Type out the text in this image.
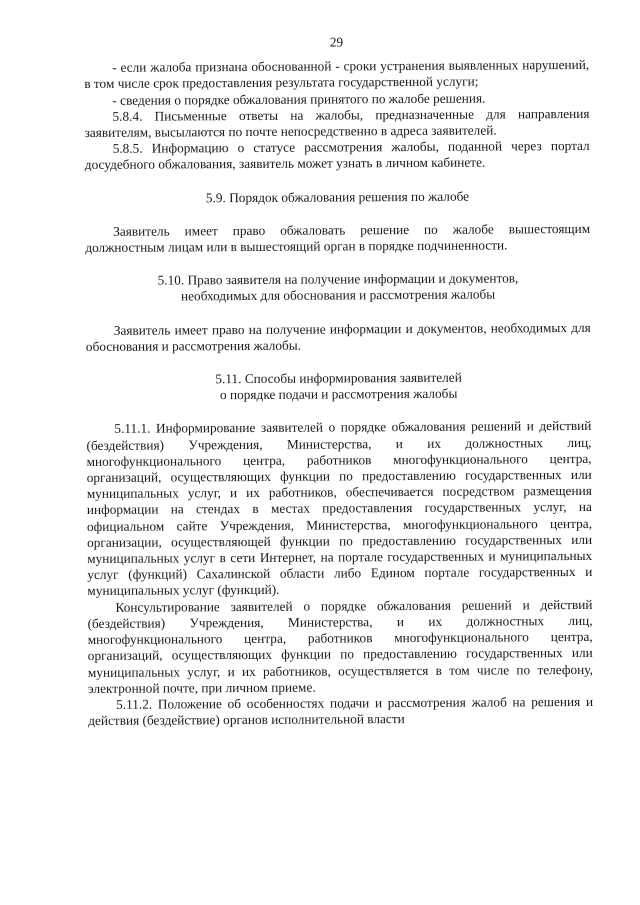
29

- если жалоба признана обоснованной - сроки устранения выявленных нарушений, в том числе срок предоставления результата государственной услуги;

- сведения о порядке обжалования принятого по жалобе решения.

5.8.4. Письменные ответы на жалобы, предназначенные для направления заявителям, высылаются по почте непосредственно в адреса заявителей.

5.8.5. Информацию о статусе рассмотрения жалобы, поданной через портал досудебного обжалования, заявитель может узнать в личном кабинете.

5.9. Порядок обжалования решения по жалобе

Заявитель имеет право обжаловать решение по жалобе вышестоящим должностным лицам или в вышестоящий орган в порядке подчиненности.

5.10. Право заявителя на получение информации и документов,

необходимых для обоснования и рассмотрения жалобы

Заявитель имеет право на получение информации и документов, необходимых для обоснования и рассмотрения жалобы.

5.11. Способы информирования заявителей

о порядке подачи и рассмотрения жалобы

5.11.1. Информирование заявителей о порядке обжалования решений и действий (бездействия) Учреждения, Министерства, и их должностных лиц, многофункционального центра, работников многофункционального центра, организаций, осуществляющих функции по предоставлению государственных или муниципальных услуг, и их работников, обеспечивается посредством размещения информации на стендах в местах предоставления государственных услуг, на официальном сайте Учреждения, Министерства, многофункционального центра, организации, осуществляющей функции по предоставлению государственных или муниципальных услуг в сети Интернет, на портале государственных и муниципальных услуг (функций) Сахалинской области либо Едином портале государственных и муниципальных услуг (функций).

Консультирование заявителей о порядке обжалования решений и действий (бездействия) Учреждения, Министерства, и их должностных лиц, многофункционального центра, работников многофункционального центра, организаций, осуществляющих функции по предоставлению государственных или муниципальных услуг, и их работников, осуществляется в том числе по телефону, электронной почте, при личном приеме.

5.11.2. Положение об особенностях подачи и рассмотрения жалоб на решения и действия (бездействие) органов исполнительной власти
